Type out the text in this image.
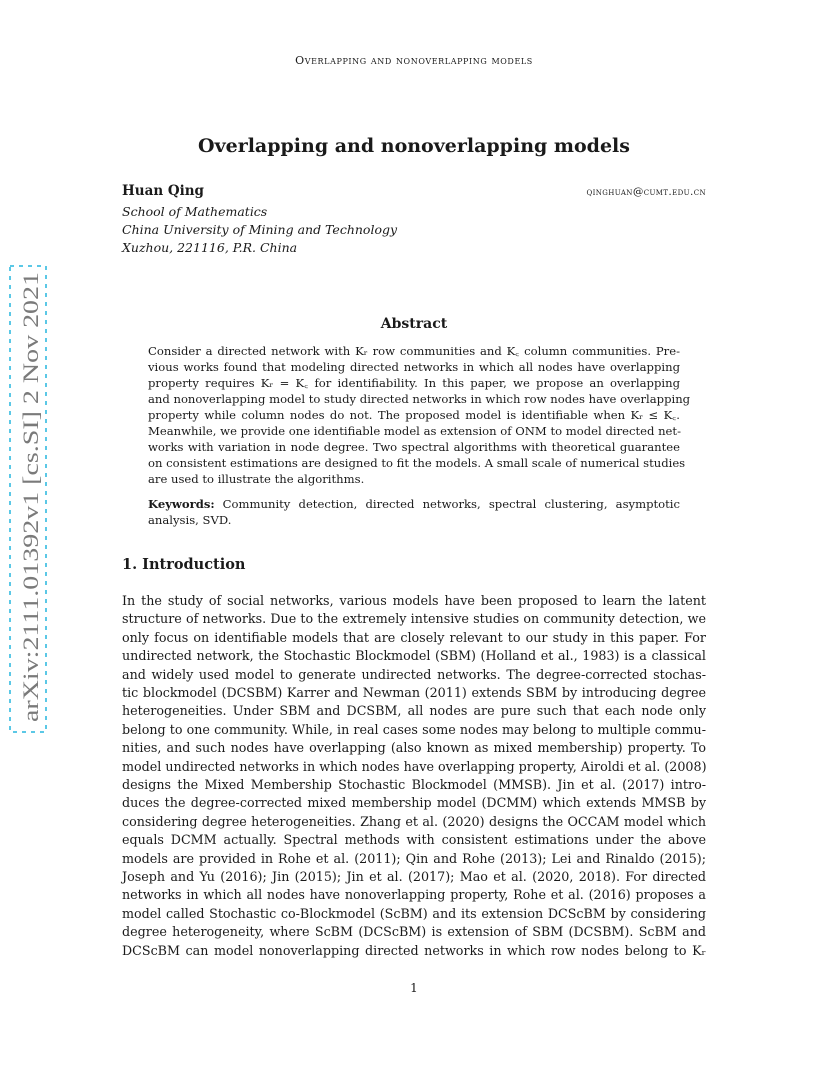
Overlapping and nonoverlapping models
Overlapping and nonoverlapping models
Huan Qing	qinghuan@cumt.edu.cn
School of Mathematics
China University of Mining and Technology
Xuzhou, 221116, P.R. China
arXiv:2111.01392v1 [cs.SI] 2 Nov 2021
Abstract
Consider a directed network with Kᵣ row communities and K꜀ column communities. Pre-
vious works found that modeling directed networks in which all nodes have overlapping
property requires Kᵣ = K꜀ for identifiability. In this paper, we propose an overlapping
and nonoverlapping model to study directed networks in which row nodes have overlapping
property while column nodes do not. The proposed model is identifiable when Kᵣ ≤ K꜀.
Meanwhile, we provide one identifiable model as extension of ONM to model directed net-
works with variation in node degree. Two spectral algorithms with theoretical guarantee
on consistent estimations are designed to fit the models. A small scale of numerical studies
are used to illustrate the algorithms.
Keywords: Community detection, directed networks, spectral clustering, asymptotic
analysis, SVD.
1. Introduction
In the study of social networks, various models have been proposed to learn the latent
structure of networks. Due to the extremely intensive studies on community detection, we
only focus on identifiable models that are closely relevant to our study in this paper. For
undirected network, the Stochastic Blockmodel (SBM) (Holland et al., 1983) is a classical
and widely used model to generate undirected networks. The degree-corrected stochas-
tic blockmodel (DCSBM) Karrer and Newman (2011) extends SBM by introducing degree
heterogeneities. Under SBM and DCSBM, all nodes are pure such that each node only
belong to one community. While, in real cases some nodes may belong to multiple commu-
nities, and such nodes have overlapping (also known as mixed membership) property. To
model undirected networks in which nodes have overlapping property, Airoldi et al. (2008)
designs the Mixed Membership Stochastic Blockmodel (MMSB). Jin et al. (2017) intro-
duces the degree-corrected mixed membership model (DCMM) which extends MMSB by
considering degree heterogeneities. Zhang et al. (2020) designs the OCCAM model which
equals DCMM actually. Spectral methods with consistent estimations under the above
models are provided in Rohe et al. (2011); Qin and Rohe (2013); Lei and Rinaldo (2015);
Joseph and Yu (2016); Jin (2015); Jin et al. (2017); Mao et al. (2020, 2018). For directed
networks in which all nodes have nonoverlapping property, Rohe et al. (2016) proposes a
model called Stochastic co-Blockmodel (ScBM) and its extension DCScBM by considering
degree heterogeneity, where ScBM (DCScBM) is extension of SBM (DCSBM). ScBM and
DCScBM can model nonoverlapping directed networks in which row nodes belong to Kᵣ
1
